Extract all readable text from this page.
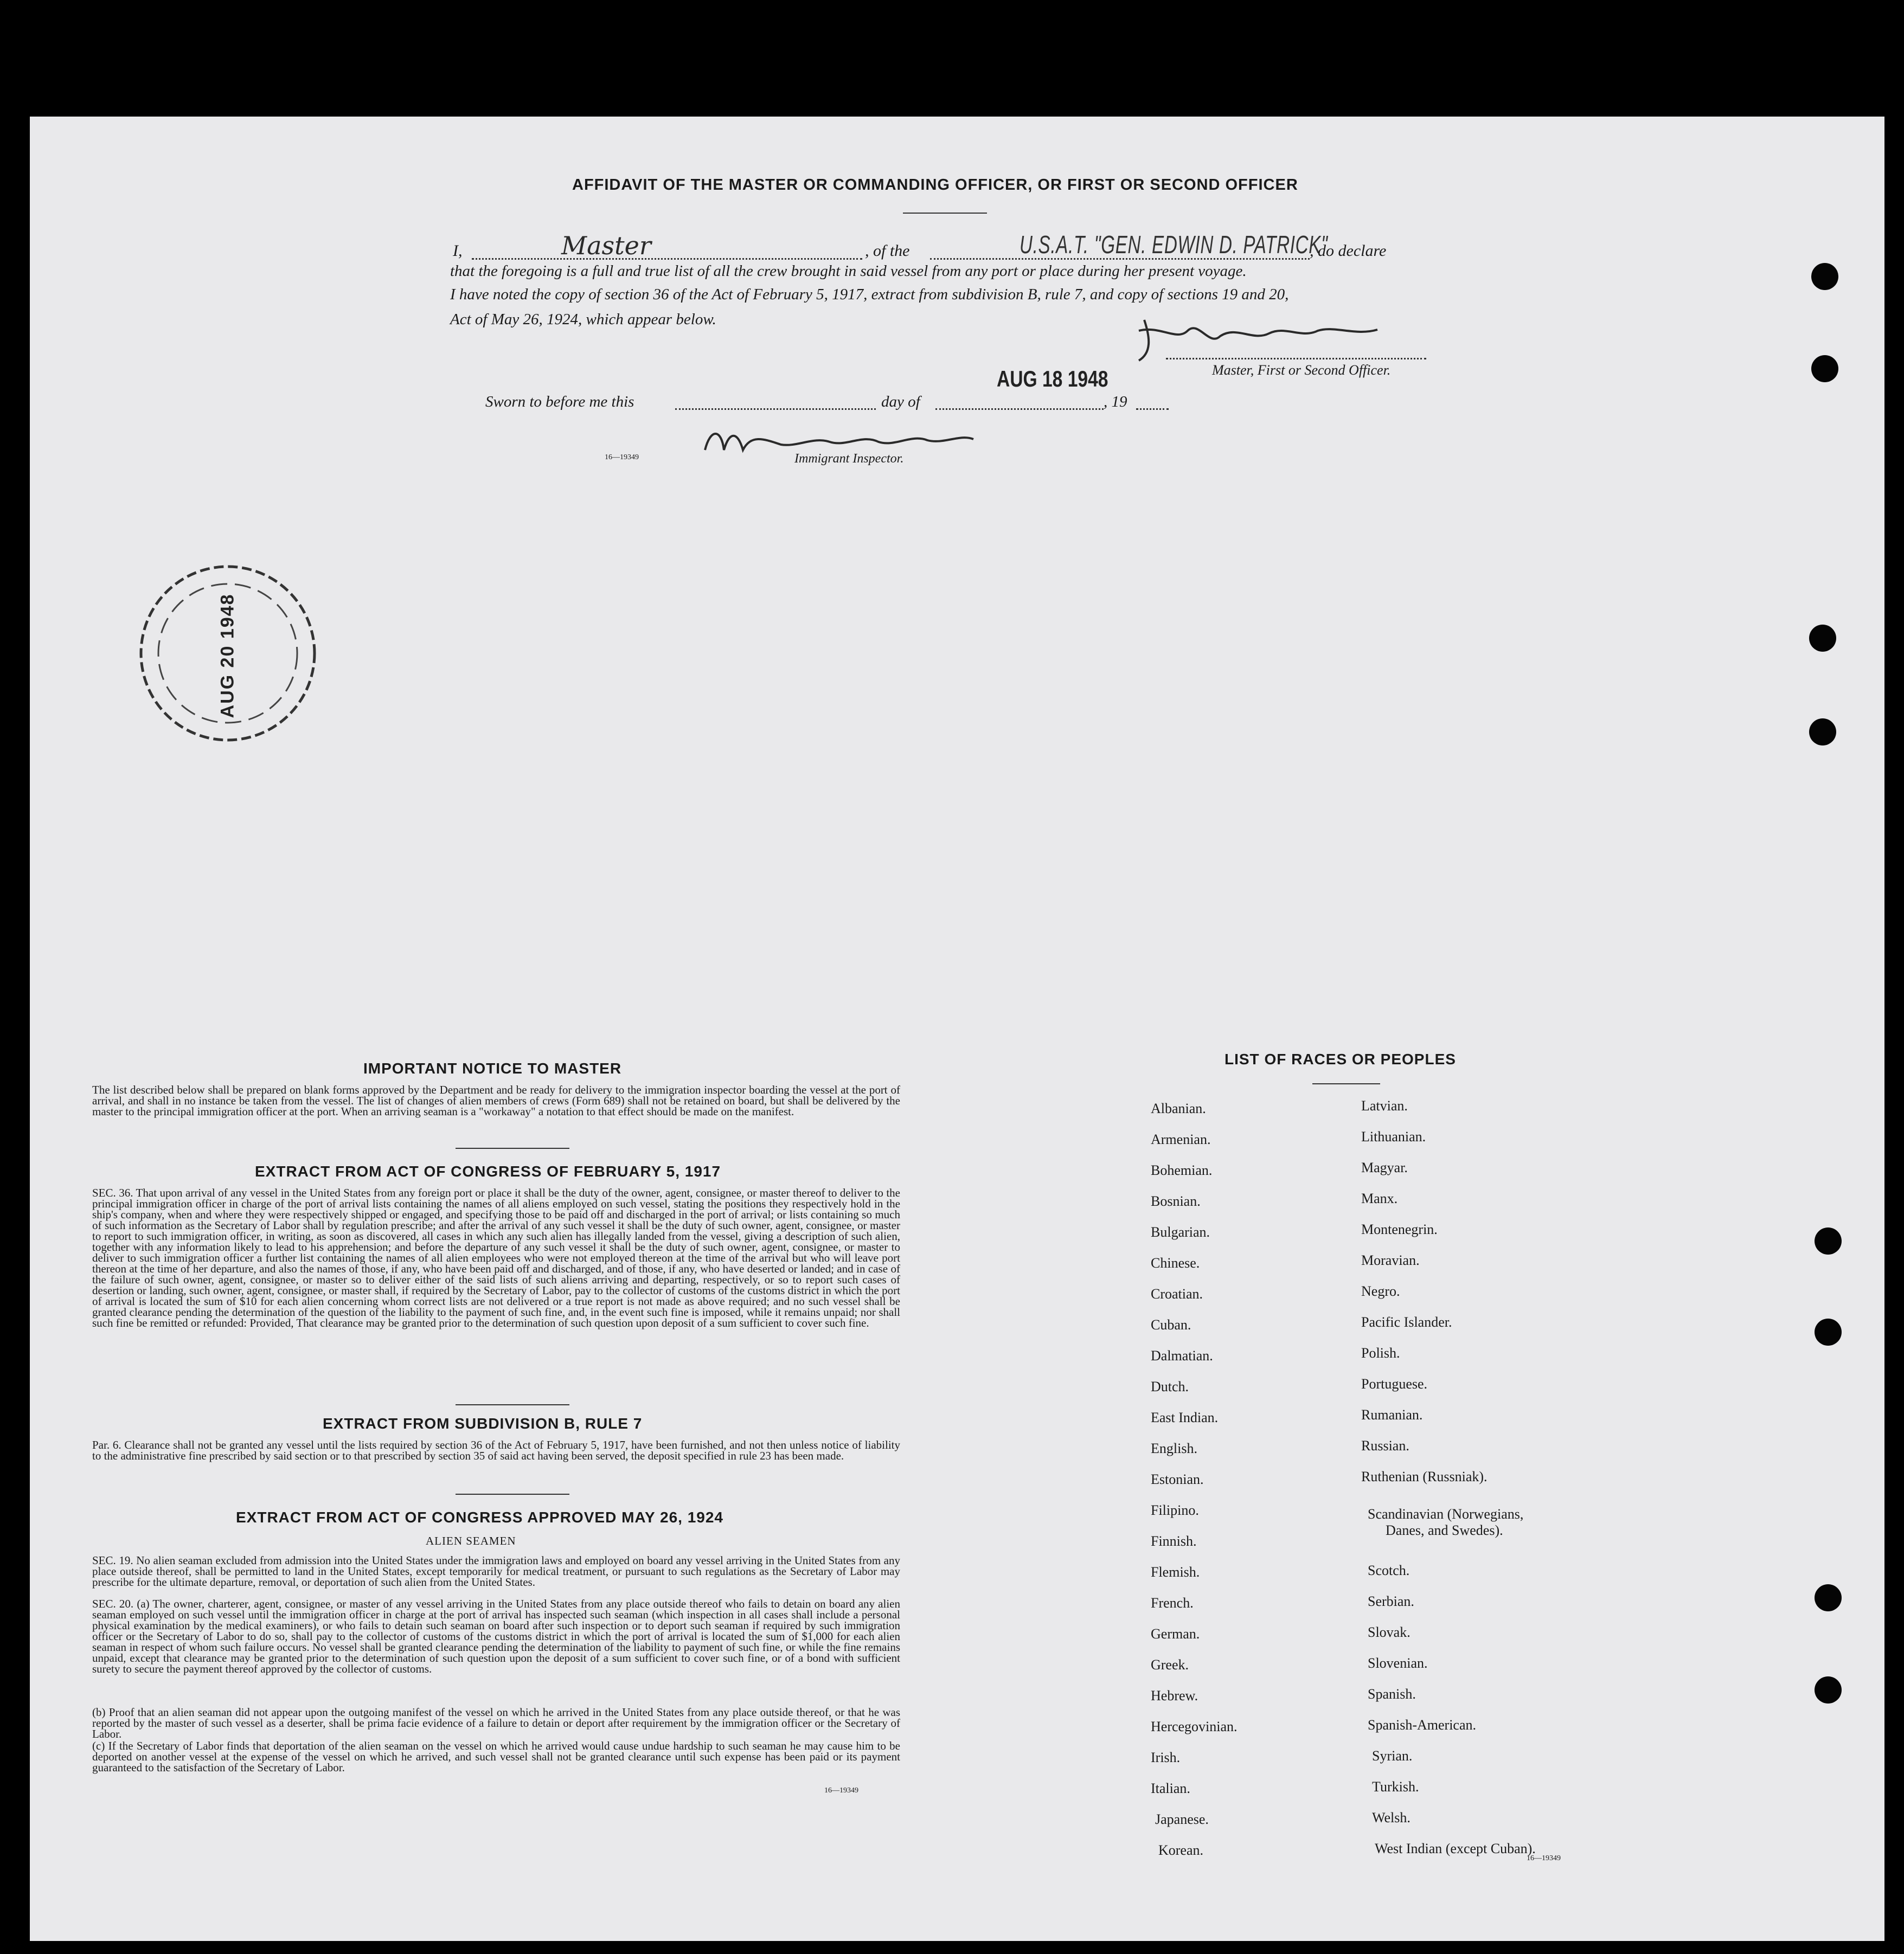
AFFIDAVIT OF THE MASTER OR COMMANDING OFFICER, OR FIRST OR SECOND OFFICER
I,	Master	, of the	U.S.A.T. "GEN. EDWIN D. PATRICK"
, do declare
that the foregoing is a full and true list of all the crew brought in said vessel from any port or place during her present voyage.
I have noted the copy of section 36 of the Act of February 5, 1917, extract from subdivision B, rule 7, and copy of sections 19 and 20,
Act of May 26, 1924, which appear below.
Master, First or Second Officer.
AUG 18 1948
Sworn to before me this	day of	, 19
16—19349	Immigrant Inspector.
AUG 20 1948
IMPORTANT NOTICE TO MASTER
The list described below shall be prepared on blank forms approved by the Department and be ready for delivery to the immigration inspector boarding the vessel at the port of arrival, and shall in no instance be taken from the vessel. The list of changes of alien members of crews (Form 689) shall not be retained on board, but shall be delivered by the master to the principal immigration officer at the port. When an arriving seaman is a "workaway" a notation to that effect should be made on the manifest.
EXTRACT FROM ACT OF CONGRESS OF FEBRUARY 5, 1917
SEC. 36. That upon arrival of any vessel in the United States from any foreign port or place it shall be the duty of the owner, agent, consignee, or master thereof to deliver to the principal immigration officer in charge of the port of arrival lists containing the names of all aliens employed on such vessel, stating the positions they respectively hold in the ship's company, when and where they were respectively shipped or engaged, and specifying those to be paid off and discharged in the port of arrival; or lists containing so much of such information as the Secretary of Labor shall by regulation prescribe; and after the arrival of any such vessel it shall be the duty of such owner, agent, consignee, or master to report to such immigration officer, in writing, as soon as discovered, all cases in which any such alien has illegally landed from the vessel, giving a description of such alien, together with any information likely to lead to his apprehension; and before the departure of any such vessel it shall be the duty of such owner, agent, consignee, or master to deliver to such immigration officer a further list containing the names of all alien employees who were not employed thereon at the time of the arrival but who will leave port thereon at the time of her departure, and also the names of those, if any, who have been paid off and discharged, and of those, if any, who have deserted or landed; and in case of the failure of such owner, agent, consignee, or master so to deliver either of the said lists of such aliens arriving and departing, respectively, or so to report such cases of desertion or landing, such owner, agent, consignee, or master shall, if required by the Secretary of Labor, pay to the collector of customs of the customs district in which the port of arrival is located the sum of $10 for each alien concerning whom correct lists are not delivered or a true report is not made as above required; and no such vessel shall be granted clearance pending the determination of the question of the liability to the payment of such fine, and, in the event such fine is imposed, while it remains unpaid; nor shall such fine be remitted or refunded: Provided, That clearance may be granted prior to the determination of such question upon deposit of a sum sufficient to cover such fine.
EXTRACT FROM SUBDIVISION B, RULE 7
Par. 6. Clearance shall not be granted any vessel until the lists required by section 36 of the Act of February 5, 1917, have been furnished, and not then unless notice of liability to the administrative fine prescribed by said section or to that prescribed by section 35 of said act having been served, the deposit specified in rule 23 has been made.
EXTRACT FROM ACT OF CONGRESS APPROVED MAY 26, 1924
ALIEN SEAMEN
SEC. 19. No alien seaman excluded from admission into the United States under the immigration laws and employed on board any vessel arriving in the United States from any place outside thereof, shall be permitted to land in the United States, except temporarily for medical treatment, or pursuant to such regulations as the Secretary of Labor may prescribe for the ultimate departure, removal, or deportation of such alien from the United States.
SEC. 20. (a) The owner, charterer, agent, consignee, or master of any vessel arriving in the United States from any place outside thereof who fails to detain on board any alien seaman employed on such vessel until the immigration officer in charge at the port of arrival has inspected such seaman (which inspection in all cases shall include a personal physical examination by the medical examiners), or who fails to detain such seaman on board after such inspection or to deport such seaman if required by such immigration officer or the Secretary of Labor to do so, shall pay to the collector of customs of the customs district in which the port of arrival is located the sum of $1,000 for each alien seaman in respect of whom such failure occurs. No vessel shall be granted clearance pending the determination of the liability to payment of such fine, or while the fine remains unpaid, except that clearance may be granted prior to the determination of such question upon the deposit of a sum sufficient to cover such fine, or of a bond with sufficient surety to secure the payment thereof approved by the collector of customs.
(b) Proof that an alien seaman did not appear upon the outgoing manifest of the vessel on which he arrived in the United States from any place outside thereof, or that he was reported by the master of such vessel as a deserter, shall be prima facie evidence of a failure to detain or deport after requirement by the immigration officer or the Secretary of Labor.
(c) If the Secretary of Labor finds that deportation of the alien seaman on the vessel on which he arrived would cause undue hardship to such seaman he may cause him to be deported on another vessel at the expense of the vessel on which he arrived, and such vessel shall not be granted clearance until such expense has been paid or its payment guaranteed to the satisfaction of the Secretary of Labor.
16—19349
LIST OF RACES OR PEOPLES
Albanian.
Armenian.
Bohemian.
Bosnian.
Bulgarian.
Chinese.
Croatian.
Cuban.
Dalmatian.
Dutch.
East Indian.
English.
Estonian.
Filipino.
Finnish.
Flemish.
French.
German.
Greek.
Hebrew.
Hercegovinian.
Irish.
Italian.
Japanese.
Korean.
Latvian.
Lithuanian.
Magyar.
Manx.
Montenegrin.
Moravian.
Negro.
Pacific Islander.
Polish.
Portuguese.
Rumanian.
Russian.
Ruthenian (Russniak).
Scandinavian (Norwegians,
Danes, and Swedes).
Scotch.
Serbian.
Slovak.
Slovenian.
Spanish.
Spanish-American.
Syrian.
Turkish.
Welsh.
West Indian (except Cuban).
16—19349
